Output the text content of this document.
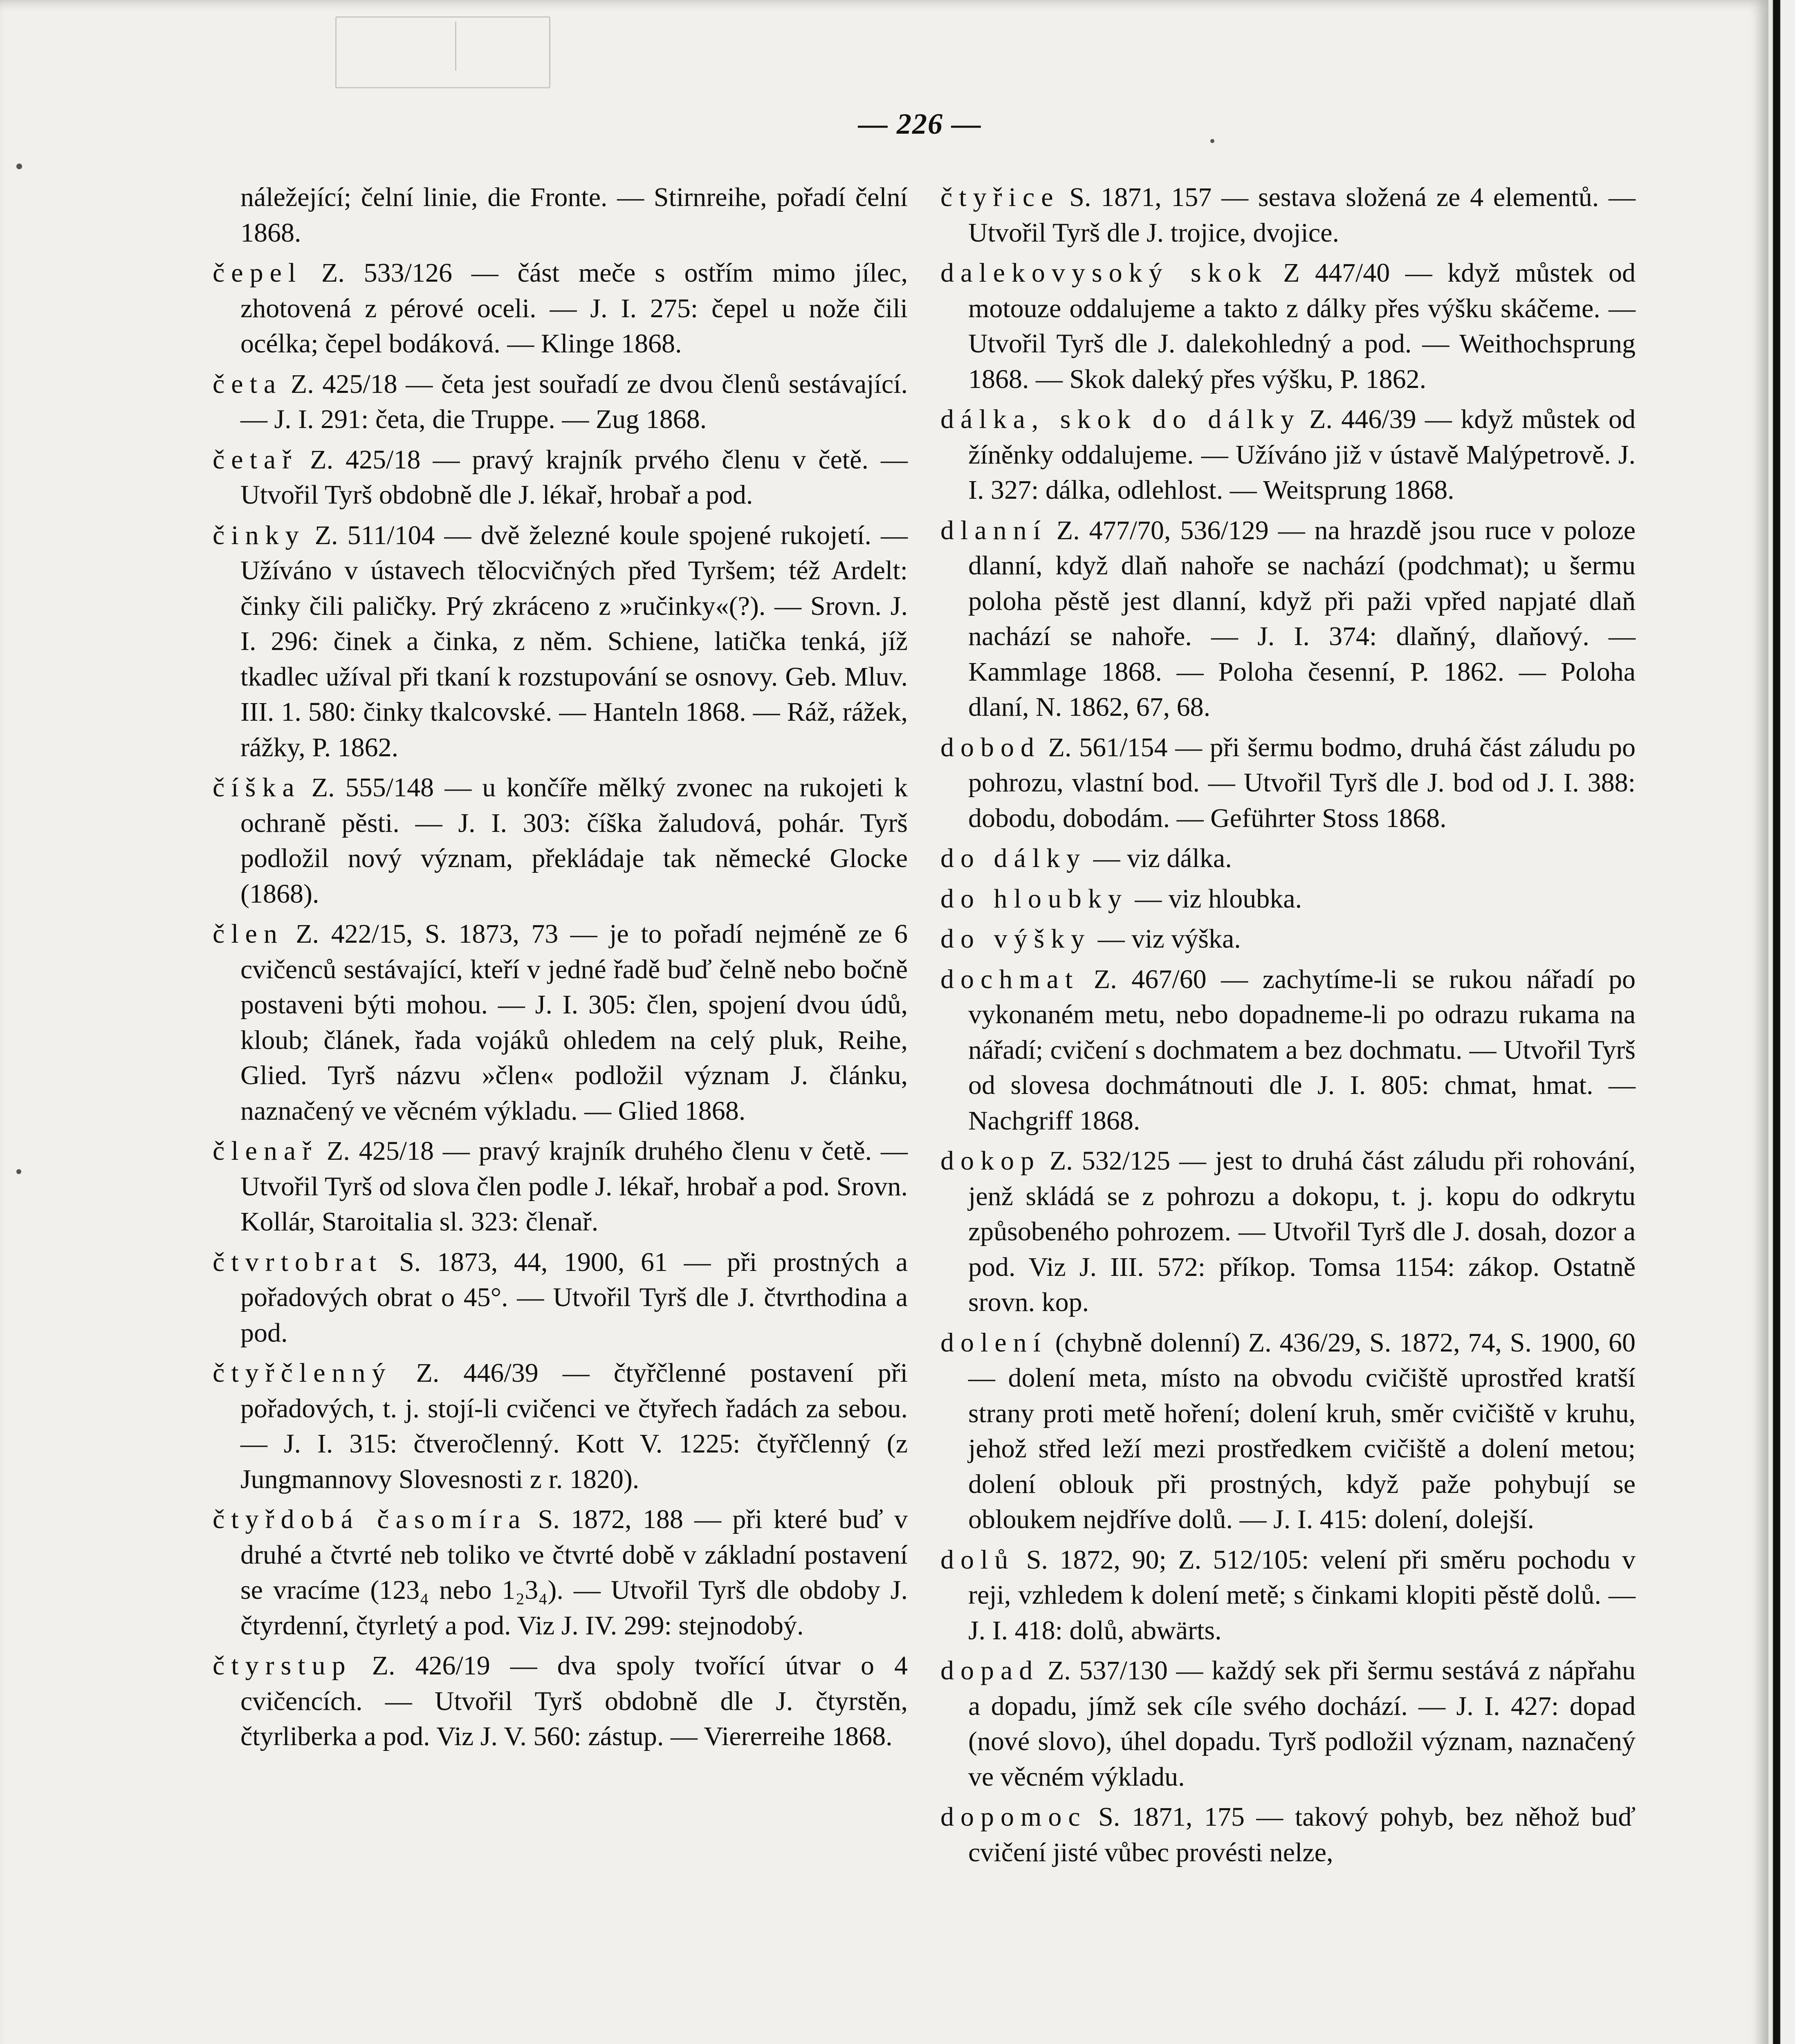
— 226 —

náležející; čelní linie, die Fronte. — Stirnreihe, pořadí čelní 1868.

čepel Z. 533/126 — část meče s ostřím mimo jílec, zhotovená z pérové oceli. — J. I. 275: čepel u nože čili océlka; čepel bodáková. — Klinge 1868.

četa Z. 425/18 — četa jest souřadí ze dvou členů sestávající. — J. I. 291: četa, die Truppe. — Zug 1868.

četař Z. 425/18 — pravý krajník prvého členu v četě. — Utvořil Tyrš obdobně dle J. lékař, hrobař a pod.

činky Z. 511/104 — dvě železné koule spojené rukojetí. — Užíváno v ústavech tělocvičných před Tyršem; též Ardelt: činky čili paličky. Prý zkráceno z »ručinky«(?). — Srovn. J. I. 296: činek a činka, z něm. Schiene, latička tenká, jíž tkadlec užíval při tkaní k rozstupování se osnovy. Geb. Mluv. III. 1. 580: činky tkalcovské. — Hanteln 1868. — Ráž, rážek, rážky, P. 1862.

číška Z. 555/148 — u končíře mělký zvonec na rukojeti k ochraně pěsti. — J. I. 303: číška žaludová, pohár. Tyrš podložil nový význam, překládaje tak německé Glocke (1868).

člen Z. 422/15, S. 1873, 73 — je to pořadí nejméně ze 6 cvičenců sestávající, kteří v jedné řadě buď čelně nebo bočně postaveni býti mohou. — J. I. 305: člen, spojení dvou údů, kloub; článek, řada vojáků ohledem na celý pluk, Reihe, Glied. Tyrš názvu »člen« podložil význam J. článku, naznačený ve věcném výkladu. — Glied 1868.

členař Z. 425/18 — pravý krajník druhého členu v četě. — Utvořil Tyrš od slova člen podle J. lékař, hrobař a pod. Srovn. Kollár, Staroitalia sl. 323: členař.

čtvrtobrat S. 1873, 44, 1900, 61 — při prostných a pořadových obrat o 45°. — Utvořil Tyrš dle J. čtvrthodina a pod.

čtyřčlenný Z. 446/39 — čtyřčlenné postavení při pořadových, t. j. stojí-li cvičenci ve čtyřech řadách za sebou. — J. I. 315: čtveročlenný. Kott V. 1225: čtyřčlenný (z Jungmannovy Slovesnosti z r. 1820).

čtyřdobá časomíra S. 1872, 188 — při které buď v druhé a čtvrté neb toliko ve čtvrté době v základní postavení se vracíme (123₄ nebo 1₂3₄). — Utvořil Tyrš dle obdoby J. čtyrdenní, čtyrletý a pod. Viz J. IV. 299: stejnodobý.

čtyrstup Z. 426/19 — dva spoly tvořící útvar o 4 cvičencích. — Utvořil Tyrš obdobně dle J. čtyrstěn, čtyrliberka a pod. Viz J. V. 560: zástup. — Viererreihe 1868.

čtyřice S. 1871, 157 — sestava složená ze 4 elementů. — Utvořil Tyrš dle J. trojice, dvojice.

dalekovysoký skok Z 447/40 — když můstek od motouze oddalujeme a takto z dálky přes výšku skáčeme. — Utvořil Tyrš dle J. dalekohledný a pod. — Weithochsprung 1868. — Skok daleký přes výšku, P. 1862.

dálka, skok do dálky Z. 446/39 — když můstek od žíněnky oddalujeme. — Užíváno již v ústavě Malýpetrově. J. I. 327: dálka, odlehlost. — Weitsprung 1868.

dlanní Z. 477/70, 536/129 — na hrazdě jsou ruce v poloze dlanní, když dlaň nahoře se nachází (podchmat); u šermu poloha pěstě jest dlanní, když při paži vpřed napjaté dlaň nachází se nahoře. — J. I. 374: dlaňný, dlaňový. — Kammlage 1868. — Poloha česenní, P. 1862. — Poloha dlaní, N. 1862, 67, 68.

dobod Z. 561/154 — při šermu bodmo, druhá část záludu po pohrozu, vlastní bod. — Utvořil Tyrš dle J. bod od J. I. 388: dobodu, dobodám. — Geführter Stoss 1868.

do dálky — viz dálka.

do hloubky — viz hloubka.

do výšky — viz výška.

dochmat Z. 467/60 — zachytíme-li se rukou nářadí po vykonaném metu, nebo dopadneme-li po odrazu rukama na nářadí; cvičení s dochmatem a bez dochmatu. — Utvořil Tyrš od slovesa dochmátnouti dle J. I. 805: chmat, hmat. — Nachgriff 1868.

dokop Z. 532/125 — jest to druhá část záludu při rohování, jenž skládá se z pohrozu a dokopu, t. j. kopu do odkrytu způsobeného pohrozem. — Utvořil Tyrš dle J. dosah, dozor a pod. Viz J. III. 572: příkop. Tomsa 1154: zákop. Ostatně srovn. kop.

dolení (chybně dolenní) Z. 436/29, S. 1872, 74, S. 1900, 60 — dolení meta, místo na obvodu cvičiště uprostřed kratší strany proti metě hoření; dolení kruh, směr cvičiště v kruhu, jehož střed leží mezi prostředkem cvičiště a dolení metou; dolení oblouk při prostných, když paže pohybují se obloukem nejdříve dolů. — J. I. 415: dolení, dolejší.

dolů S. 1872, 90; Z. 512/105: velení při směru pochodu v reji, vzhledem k dolení metě; s činkami klopiti pěstě dolů. — J. I. 418: dolů, abwärts.

dopad Z. 537/130 — každý sek při šermu sestává z nápřahu a dopadu, jímž sek cíle svého dochází. — J. I. 427: dopad (nové slovo), úhel dopadu. Tyrš podložil význam, naznačený ve věcném výkladu.

dopomoc S. 1871, 175 — takový pohyb, bez něhož buď cvičení jisté vůbec provésti nelze,
